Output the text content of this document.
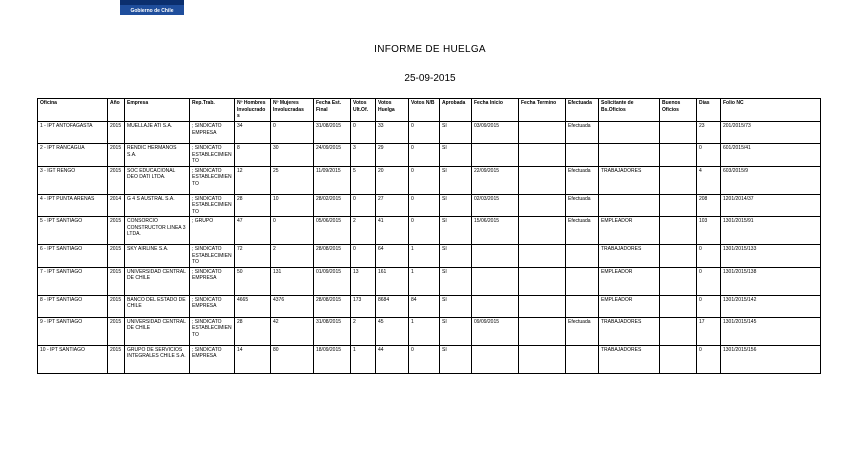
Gobierno de Chile
INFORME DE HUELGA
25-09-2015
Oficina	Año	Empresa	Rep.Trab.	Nº Hombres Involucrados	Nº Mujeres Involucradas	Fecha Est. Final	Votos Ult.Of.	Votos Huelga	Votos N/B	Aprobada	Fecha Inicio	Fecha Termino	Efectuada	Solicitante de Bs.Oficios	Buenos Oficios	Días	Folio NC
1 - IPT ANTOFAGASTA	2015	MUELLAJE ATI S.A.	; SINDICATO EMPRESA	34	0	31/08/2015	0	33	0	SI	03/09/2015		Efectuada			23	201/2015/73
2 - IPT RANCAGUA	2015	RENDIC HERMANOS S.A.	; SINDICATO ESTABLECIMIENTO	8	30	24/09/2015	3	29	0	SI						0	601/2015/41
3 - IGT RENGO	2015	SOC EDUCACIONAL DEO DATI LTDA.	; SINDICATO ESTABLECIMIENTO	12	25	11/09/2015	5	20	0	SI	22/09/2015		Efectuada	TRABAJADORES		4	603/2015/9
4 - IPT PUNTA ARENAS	2014	G 4 S AUSTRAL S.A.	; SINDICATO ESTABLECIMIENTO	28	10	28/02/2015	0	27	0	SI	02/03/2015		Efectuada			208	1201/2014/37
5 - IPT SANTIAGO	2015	CONSORCIO CONSTRUCTOR LINEA 3 LTDA.	; GRUPO	47	0	05/06/2015	2	41	0	SI	15/06/2015		Efectuada	EMPLEADOR		103	1301/2015/91
6 - IPT SANTIAGO	2015	SKY AIRLINE S.A.	; SINDICATO ESTABLECIMIENTO	72	2	28/08/2015	0	64	1	SI				TRABAJADORES		0	1301/2015/133
7 - IPT SANTIAGO	2015	UNIVERSIDAD CENTRAL DE CHILE	; SINDICATO EMPRESA	50	131	01/09/2015	13	161	1	SI				EMPLEADOR		0	1301/2015/138
8 - IPT SANTIAGO	2015	BANCO DEL ESTADO DE CHILE	; SINDICATO EMPRESA	4665	4376	28/08/2015	173	8684	84	SI				EMPLEADOR		0	1301/2015/142
9 - IPT SANTIAGO	2015	UNIVERSIDAD CENTRAL DE CHILE	; SINDICATO ESTABLECIMIENTO	28	42	31/08/2015	2	45	1	SI	09/09/2015		Efectuada	TRABAJADORES		17	1301/2015/145
10 - IPT SANTIAGO	2015	GRUPO DE SERVICIOS INTEGRALES CHILE S.A.	; SINDICATO EMPRESA	14	80	18/09/2015	1	44	0	SI				TRABAJADORES		0	1301/2015/156
